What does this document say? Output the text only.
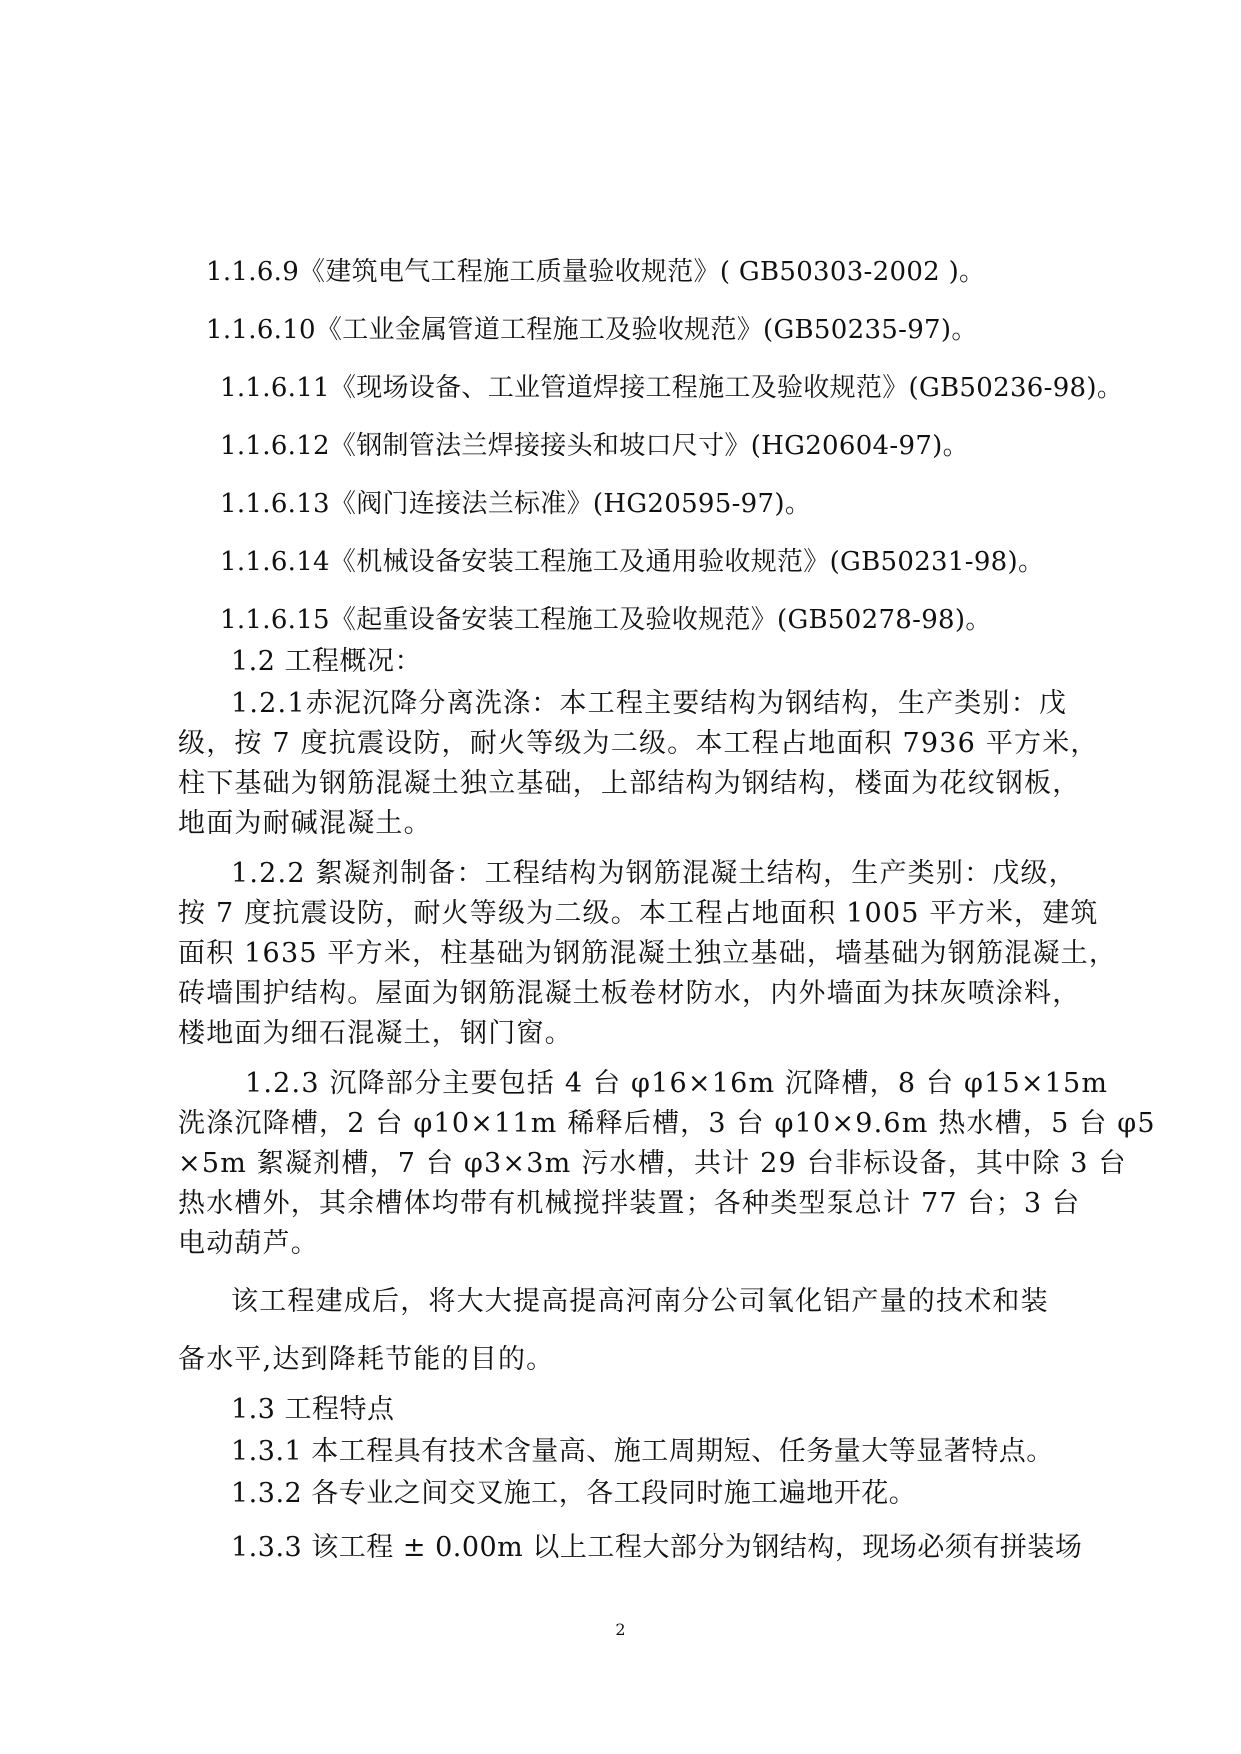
1.1.6.9《建筑电气工程施工质量验收规范》( GB50303-2002 )。
1.1.6.10《工业金属管道工程施工及验收规范》(GB50235-97)。
1.1.6.11《现场设备、工业管道焊接工程施工及验收规范》(GB50236-98)。
1.1.6.12《钢制管法兰焊接接头和坡口尺寸》(HG20604-97)。
1.1.6.13《阀门连接法兰标准》(HG20595-97)。
1.1.6.14《机械设备安装工程施工及通用验收规范》(GB50231-98)。
1.1.6.15《起重设备安装工程施工及验收规范》(GB50278-98)。
1.2 工程概况：
1.2.1赤泥沉降分离洗涤：本工程主要结构为钢结构，生产类别：戊
级，按 7 度抗震设防，耐火等级为二级。本工程占地面积 7936 平方米，
柱下基础为钢筋混凝土独立基础，上部结构为钢结构，楼面为花纹钢板，
地面为耐碱混凝土。
1.2.2 絮凝剂制备：工程结构为钢筋混凝土结构，生产类别：戊级，
按 7 度抗震设防，耐火等级为二级。本工程占地面积 1005 平方米，建筑
面积 1635 平方米，柱基础为钢筋混凝土独立基础，墙基础为钢筋混凝土，
砖墙围护结构。屋面为钢筋混凝土板卷材防水，内外墙面为抹灰喷涂料，
楼地面为细石混凝土，钢门窗。
1.2.3 沉降部分主要包括 4 台 φ16×16m 沉降槽，8 台 φ15×15m
洗涤沉降槽，2 台 φ10×11m 稀释后槽，3 台 φ10×9.6m 热水槽，5 台 φ5
×5m 絮凝剂槽，7 台 φ3×3m 污水槽，共计 29 台非标设备，其中除 3 台
热水槽外，其余槽体均带有机械搅拌装置；各种类型泵总计 77 台；3 台
电动葫芦。
该工程建成后，将大大提高提高河南分公司氧化铝产量的技术和装
备水平,达到降耗节能的目的。
1.3 工程特点
1.3.1 本工程具有技术含量高、施工周期短、任务量大等显著特点。
1.3.2 各专业之间交叉施工，各工段同时施工遍地开花。
1.3.3 该工程 ± 0.00m 以上工程大部分为钢结构，现场必须有拼装场
2
